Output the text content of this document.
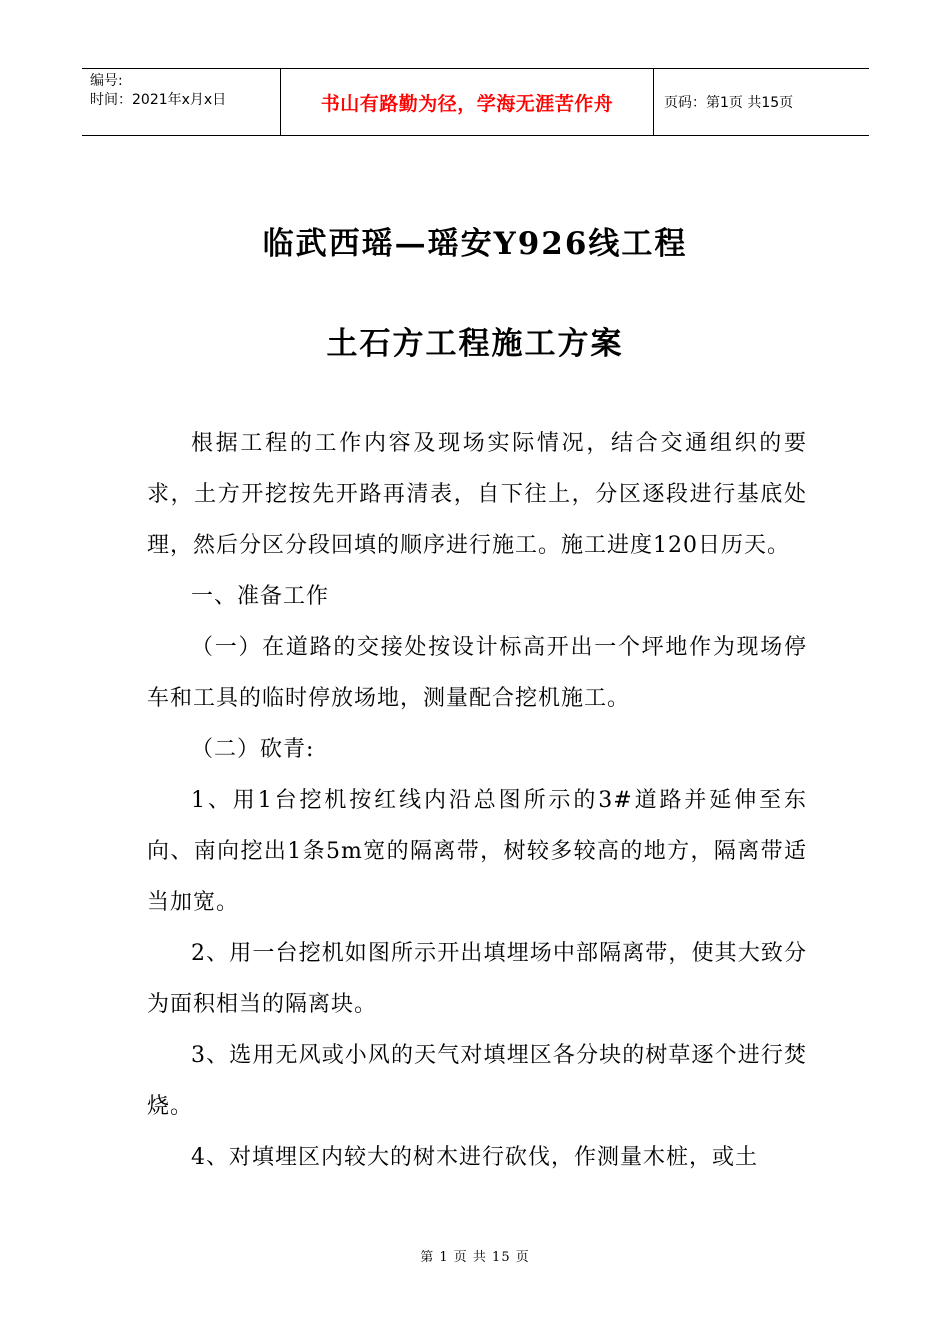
编号:
时间：2021年x月x日	书山有路勤为径，学海无涯苦作舟	页码：第1页 共15页
临武西瑶—瑶安Y926线工程
土石方工程施工方案

根据工程的工作内容及现场实际情况，结合交通组织的要求，土方开挖按先开路再清表，自下往上，分区逐段进行基底处理，然后分区分段回填的顺序进行施工。施工进度120日历天。

一、准备工作

（一）在道路的交接处按设计标高开出一个坪地作为现场停车和工具的临时停放场地，测量配合挖机施工。

（二）砍青:

1、用1台挖机按红线内沿总图所示的3#道路并延伸至东向、南向挖出1条5m宽的隔离带，树较多较高的地方，隔离带适当加宽。

2、用一台挖机如图所示开出填埋场中部隔离带，使其大致分为面积相当的隔离块。

3、选用无风或小风的天气对填埋区各分块的树草逐个进行焚烧。

4、对填埋区内较大的树木进行砍伐，作测量木桩，或土

第 1 页 共 15 页
